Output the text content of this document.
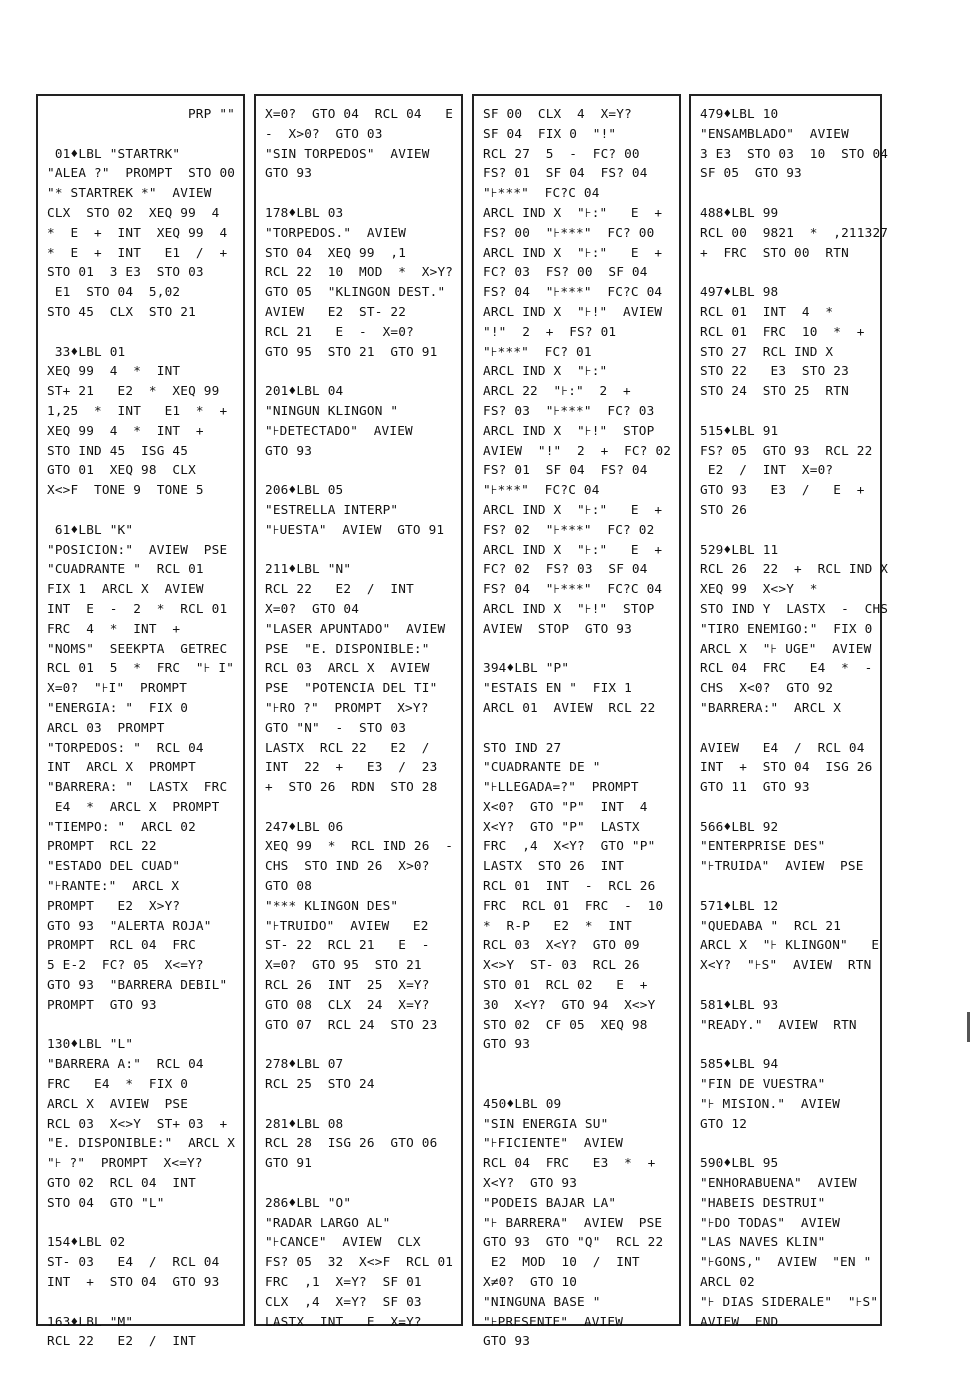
PRP ""
01♦LBL "STARTRK"
"ALEA ?"  PROMPT  STO 00
"* STARTREK *"  AVIEW
CLX  STO 02  XEQ 99  4
*  E  +  INT  XEQ 99  4
*  E  +  INT   E1  /  +
STO 01  3 E3  STO 03
E1  STO 04  5,02
STO 45  CLX  STO 21
33♦LBL 01
XEQ 99  4  *  INT
ST+ 21   E2  *  XEQ 99
1,25  *  INT   E1  *  +
XEQ 99  4  *  INT  +
STO IND 45  ISG 45
GTO 01  XEQ 98  CLX
X<>F  TONE 9  TONE 5
61♦LBL "K"
"POSICION:"  AVIEW  PSE
"CUADRANTE "  RCL 01
FIX 1  ARCL X  AVIEW
INT  E  -  2  *  RCL 01
FRC  4  *  INT  +
"NOMS"  SEEKPTA  GETREC
RCL 01  5  *  FRC  "⊦ I"
X=0?  "⊦I"  PROMPT
"ENERGIA: "  FIX 0
ARCL 03  PROMPT
"TORPEDOS: "  RCL 04
INT  ARCL X  PROMPT
"BARRERA: "  LASTX  FRC
E4  *  ARCL X  PROMPT
"TIEMPO: "  ARCL 02
PROMPT  RCL 22
"ESTADO DEL CUAD"
"⊦RANTE:"  ARCL X
PROMPT   E2  X>Y?
GTO 93  "ALERTA ROJA"
PROMPT  RCL 04  FRC
5 E-2  FC? 05  X<=Y?
GTO 93  "BARRERA DEBIL"
PROMPT  GTO 93
130♦LBL "L"
"BARRERA A:"  RCL 04
FRC   E4  *  FIX 0
ARCL X  AVIEW  PSE
RCL 03  X<>Y  ST+ 03  +
"E. DISPONIBLE:"  ARCL X
"⊦ ?"  PROMPT  X<=Y?
GTO 02  RCL 04  INT
STO 04  GTO "L"
154♦LBL 02
ST- 03   E4  /  RCL 04
INT  +  STO 04  GTO 93
163♦LBL "M"
RCL 22   E2  /  INT
X=0?  GTO 04  RCL 04   E
-  X>0?  GTO 03
"SIN TORPEDOS"  AVIEW
GTO 93
178♦LBL 03
"TORPEDOS."  AVIEW
STO 04  XEQ 99  ,1
RCL 22  10  MOD  *  X>Y?
GTO 05  "KLINGON DEST."
AVIEW   E2  ST- 22
RCL 21   E  -  X=0?
GTO 95  STO 21  GTO 91
201♦LBL 04
"NINGUN KLINGON "
"⊦DETECTADO"  AVIEW
GTO 93
206♦LBL 05
"ESTRELLA INTERP"
"⊦UESTA"  AVIEW  GTO 91
211♦LBL "N"
RCL 22   E2  /  INT
X=0?  GTO 04
"LASER APUNTADO"  AVIEW
PSE  "E. DISPONIBLE:"
RCL 03  ARCL X  AVIEW
PSE  "POTENCIA DEL TI"
"⊦RO ?"  PROMPT  X>Y?
GTO "N"  -  STO 03
LASTX  RCL 22   E2  /
INT  22  +   E3  /  23
+  STO 26  RDN  STO 28
247♦LBL 06
XEQ 99  *  RCL IND 26  -
CHS  STO IND 26  X>0?
GTO 08
"*** KLINGON DES"
"⊦TRUIDO"  AVIEW   E2
ST- 22  RCL 21   E  -
X=0?  GTO 95  STO 21
RCL 26  INT  25  X=Y?
GTO 08  CLX  24  X=Y?
GTO 07  RCL 24  STO 23
278♦LBL 07
RCL 25  STO 24
281♦LBL 08
RCL 28  ISG 26  GTO 06
GTO 91
286♦LBL "O"
"RADAR LARGO AL"
"⊦CANCE"  AVIEW  CLX
FS? 05  32  X<>F  RCL 01
FRC  ,1  X=Y?  SF 01
CLX  ,4  X=Y?  SF 03
LASTX  INT   E  X=Y?
SF 00  CLX  4  X=Y?
SF 04  FIX 0  "!"
RCL 27  5  -  FC? 00
FS? 01  SF 04  FS? 04
"⊦***"  FC?C 04
ARCL IND X  "⊦:"   E  +
FS? 00  "⊦***"  FC? 00
ARCL IND X  "⊦:"   E  +
FC? 03  FS? 00  SF 04
FS? 04  "⊦***"  FC?C 04
ARCL IND X  "⊦!"  AVIEW
"!"  2  +  FS? 01
"⊦***"  FC? 01
ARCL IND X  "⊦:"
ARCL 22  "⊦:"  2  +
FS? 03  "⊦***"  FC? 03
ARCL IND X  "⊦!"  STOP
AVIEW  "!"  2  +  FC? 02
FS? 01  SF 04  FS? 04
"⊦***"  FC?C 04
ARCL IND X  "⊦:"   E  +
FS? 02  "⊦***"  FC? 02
ARCL IND X  "⊦:"   E  +
FC? 02  FS? 03  SF 04
FS? 04  "⊦***"  FC?C 04
ARCL IND X  "⊦!"  STOP
AVIEW  STOP  GTO 93
394♦LBL "P"
"ESTAIS EN "  FIX 1
ARCL 01  AVIEW  RCL 22
STO IND 27
"CUADRANTE DE "
"⊦LLEGADA=?"  PROMPT
X<0?  GTO "P"  INT  4
X<Y?  GTO "P"  LASTX
FRC  ,4  X<Y?  GTO "P"
LASTX  STO 26  INT
RCL 01  INT  -  RCL 26
FRC  RCL 01  FRC  -  10
*  R-P   E2  *  INT
RCL 03  X<Y?  GTO 09
X<>Y  ST- 03  RCL 26
STO 01  RCL 02   E  +
30  X<Y?  GTO 94  X<>Y
STO 02  CF 05  XEQ 98
GTO 93
450♦LBL 09
"SIN ENERGIA SU"
"⊦FICIENTE"  AVIEW
RCL 04  FRC   E3  *  +
X<Y?  GTO 93
"PODEIS BAJAR LA"
"⊦ BARRERA"  AVIEW  PSE
GTO 93  GTO "Q"  RCL 22
E2  MOD  10  /  INT
X≠0?  GTO 10
"NINGUNA BASE "
"⊦PRESENTE"  AVIEW
GTO 93
479♦LBL 10
"ENSAMBLADO"  AVIEW
3 E3  STO 03  10  STO 04
SF 05  GTO 93
488♦LBL 99
RCL 00  9821  *  ,211327
+  FRC  STO 00  RTN
497♦LBL 98
RCL 01  INT  4  *
RCL 01  FRC  10  *  +
STO 27  RCL IND X
STO 22   E3  STO 23
STO 24  STO 25  RTN
515♦LBL 91
FS? 05  GTO 93  RCL 22
E2  /  INT  X=0?
GTO 93   E3  /   E  +
STO 26
529♦LBL 11
RCL 26  22  +  RCL IND X
XEQ 99  X<>Y  *
STO IND Y  LASTX  -  CHS
"TIRO ENEMIGO:"  FIX 0
ARCL X  "⊦ UGE"  AVIEW
RCL 04  FRC   E4  *  -
CHS  X<0?  GTO 92
"BARRERA:"  ARCL X
AVIEW   E4  /  RCL 04
INT  +  STO 04  ISG 26
GTO 11  GTO 93
566♦LBL 92
"ENTERPRISE DES"
"⊦TRUIDA"  AVIEW  PSE
571♦LBL 12
"QUEDABA "  RCL 21
ARCL X  "⊦ KLINGON"   E
X<Y?  "⊦S"  AVIEW  RTN
581♦LBL 93
"READY."  AVIEW  RTN
585♦LBL 94
"FIN DE VUESTRA"
"⊦ MISION."  AVIEW
GTO 12
590♦LBL 95
"ENHORABUENA"  AVIEW
"HABEIS DESTRUI"
"⊦DO TODAS"  AVIEW
"LAS NAVES KLIN"
"⊦GONS,"  AVIEW  "EN "
ARCL 02
"⊦ DIAS SIDERALE"  "⊦S"
AVIEW  END
